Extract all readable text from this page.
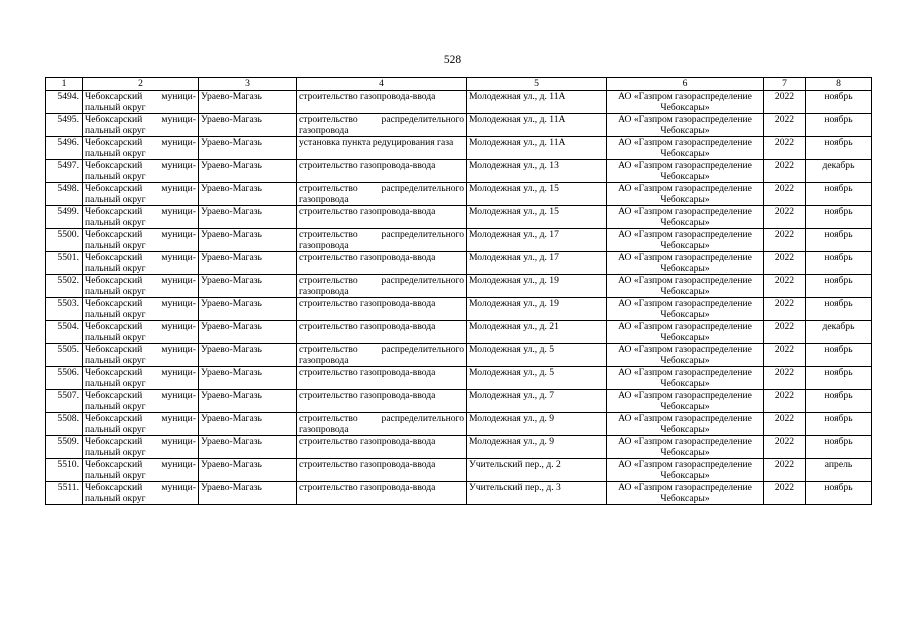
528
1	2	3	4	5	6	7	8
5494.	Чебоксарский муници-пальный округ	Ураево-Магазь	строительство газопровода-ввода	Молодежная ул., д. 11А	АО «Газпром газораспределение Чебоксары»	2022	ноябрь
5495.	Чебоксарский муници-пальный округ	Ураево-Магазь	строительство распределительного газопровода	Молодежная ул., д. 11А	АО «Газпром газораспределение Чебоксары»	2022	ноябрь
5496.	Чебоксарский муници-пальный округ	Ураево-Магазь	установка пункта редуцирования газа	Молодежная ул., д. 11А	АО «Газпром газораспределение Чебоксары»	2022	ноябрь
5497.	Чебоксарский муници-пальный округ	Ураево-Магазь	строительство газопровода-ввода	Молодежная ул., д. 13	АО «Газпром газораспределение Чебоксары»	2022	декабрь
5498.	Чебоксарский муници-пальный округ	Ураево-Магазь	строительство распределительного газопровода	Молодежная ул., д. 15	АО «Газпром газораспределение Чебоксары»	2022	ноябрь
5499.	Чебоксарский муници-пальный округ	Ураево-Магазь	строительство газопровода-ввода	Молодежная ул., д. 15	АО «Газпром газораспределение Чебоксары»	2022	ноябрь
5500.	Чебоксарский муници-пальный округ	Ураево-Магазь	строительство распределительного газопровода	Молодежная ул., д. 17	АО «Газпром газораспределение Чебоксары»	2022	ноябрь
5501.	Чебоксарский муници-пальный округ	Ураево-Магазь	строительство газопровода-ввода	Молодежная ул., д. 17	АО «Газпром газораспределение Чебоксары»	2022	ноябрь
5502.	Чебоксарский муници-пальный округ	Ураево-Магазь	строительство распределительного газопровода	Молодежная ул., д. 19	АО «Газпром газораспределение Чебоксары»	2022	ноябрь
5503.	Чебоксарский муници-пальный округ	Ураево-Магазь	строительство газопровода-ввода	Молодежная ул., д. 19	АО «Газпром газораспределение Чебоксары»	2022	ноябрь
5504.	Чебоксарский муници-пальный округ	Ураево-Магазь	строительство газопровода-ввода	Молодежная ул., д. 21	АО «Газпром газораспределение Чебоксары»	2022	декабрь
5505.	Чебоксарский муници-пальный округ	Ураево-Магазь	строительство распределительного газопровода	Молодежная ул., д. 5	АО «Газпром газораспределение Чебоксары»	2022	ноябрь
5506.	Чебоксарский муници-пальный округ	Ураево-Магазь	строительство газопровода-ввода	Молодежная ул., д. 5	АО «Газпром газораспределение Чебоксары»	2022	ноябрь
5507.	Чебоксарский муници-пальный округ	Ураево-Магазь	строительство газопровода-ввода	Молодежная ул., д. 7	АО «Газпром газораспределение Чебоксары»	2022	ноябрь
5508.	Чебоксарский муници-пальный округ	Ураево-Магазь	строительство распределительного газопровода	Молодежная ул., д. 9	АО «Газпром газораспределение Чебоксары»	2022	ноябрь
5509.	Чебоксарский муници-пальный округ	Ураево-Магазь	строительство газопровода-ввода	Молодежная ул., д. 9	АО «Газпром газораспределение Чебоксары»	2022	ноябрь
5510.	Чебоксарский муници-пальный округ	Ураево-Магазь	строительство газопровода-ввода	Учительский пер., д. 2	АО «Газпром газораспределение Чебоксары»	2022	апрель
5511.	Чебоксарский муници-пальный округ	Ураево-Магазь	строительство газопровода-ввода	Учительский пер., д. 3	АО «Газпром газораспределение Чебоксары»	2022	ноябрь
